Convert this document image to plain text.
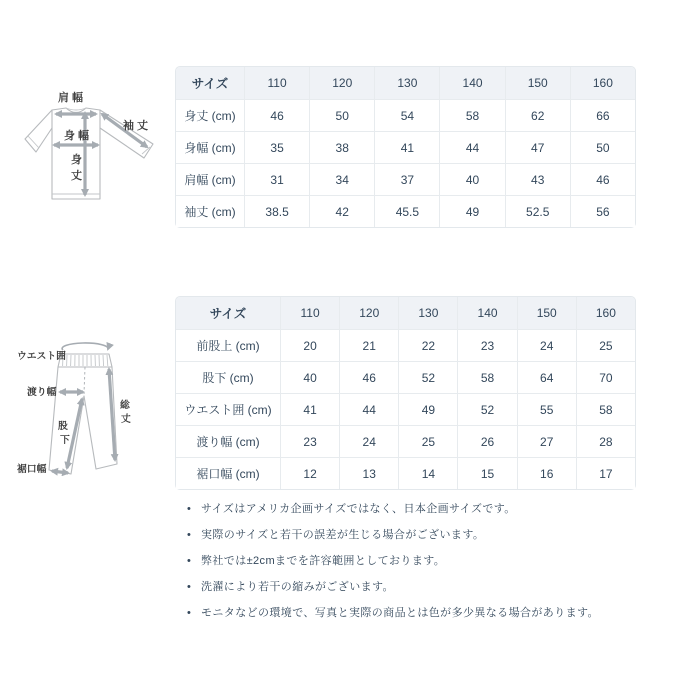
肩 幅
袖 丈
身 幅
身
丈
サイズ	110	120	130	140	150	160
身丈 (cm)	46	50	54	58	62	66
身幅 (cm)	35	38	41	44	47	50
肩幅 (cm)	31	34	37	40	43	46
袖丈 (cm)	38.5	42	45.5	49	52.5	56
ウエスト囲
渡り幅
総
丈
股
下
裾口幅
サイズ	110	120	130	140	150	160
前股上 (cm)	20	21	22	23	24	25
股下 (cm)	40	46	52	58	64	70
ウエスト囲 (cm)	41	44	49	52	55	58
渡り幅 (cm)	23	24	25	26	27	28
裾口幅 (cm)	12	13	14	15	16	17
• サイズはアメリカ企画サイズではなく、日本企画サイズです。
• 実際のサイズと若干の誤差が生じる場合がございます。
• 弊社では±2cmまでを許容範囲としております。
• 洗濯により若干の縮みがございます。
• モニタなどの環境で、写真と実際の商品とは色が多少異なる場合があります。
